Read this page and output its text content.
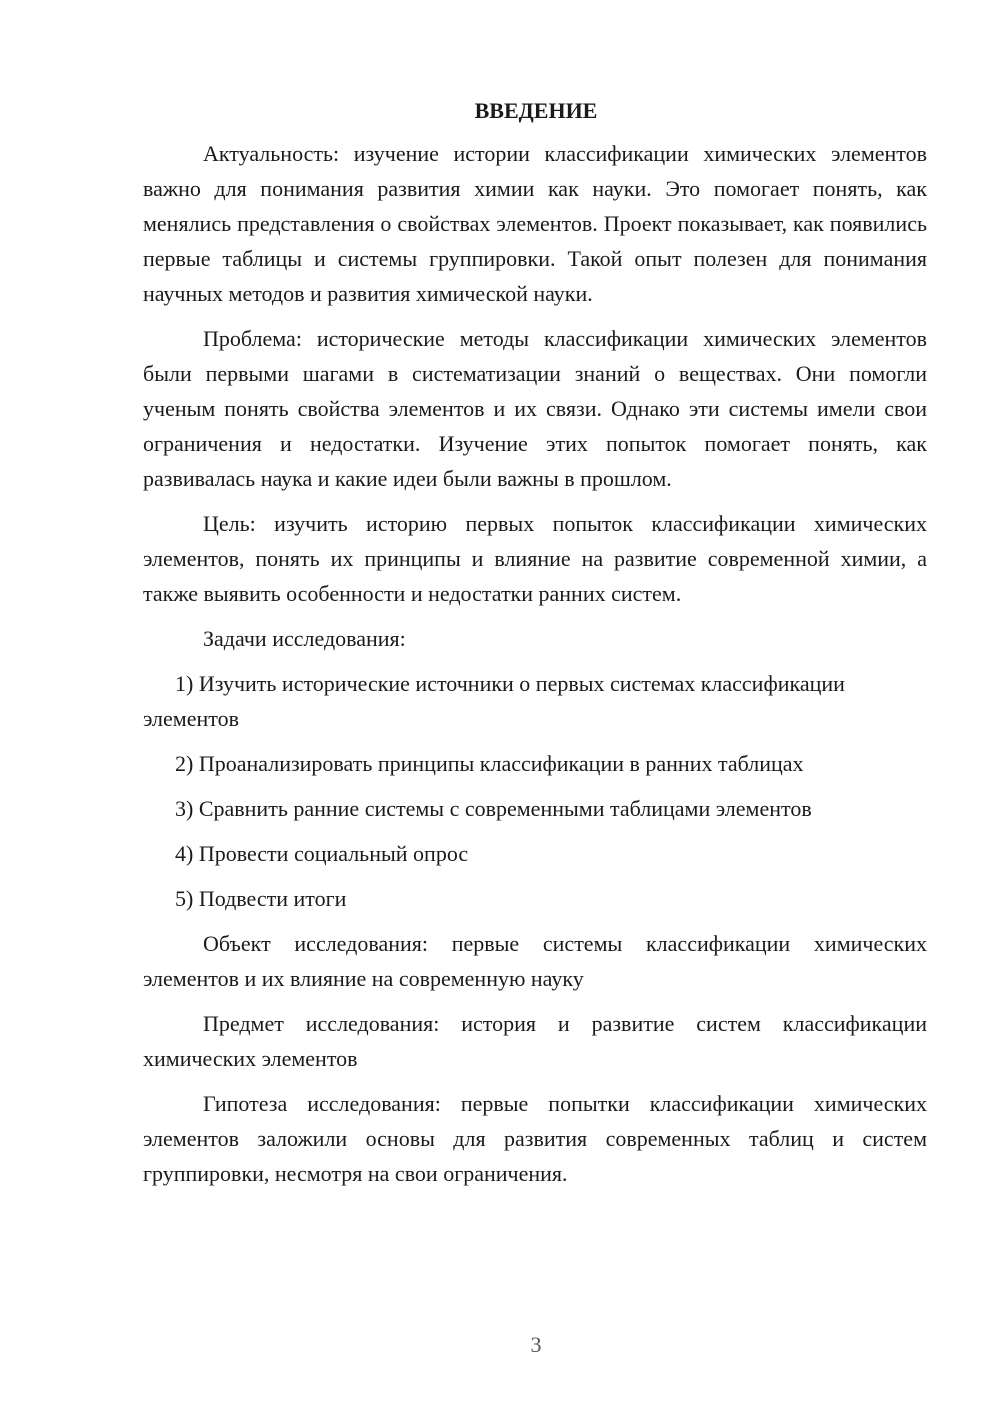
ВВЕДЕНИЕ

Актуальность: изучение истории классификации химических элементов важно для понимания развития химии как науки. Это помогает понять, как менялись представления о свойствах элементов. Проект показывает, как появились первые таблицы и системы группировки. Такой опыт полезен для понимания научных методов и развития химической науки.

Проблема: исторические методы классификации химических элементов были первыми шагами в систематизации знаний о веществах. Они помогли ученым понять свойства элементов и их связи. Однако эти системы имели свои ограничения и недостатки. Изучение этих попыток помогает понять, как развивалась наука и какие идеи были важны в прошлом.

Цель: изучить историю первых попыток классификации химических элементов, понять их принципы и влияние на развитие современной химии, а также выявить особенности и недостатки ранних систем.

Задачи исследования:

1) Изучить исторические источники о первых системах классификации элементов

2) Проанализировать принципы классификации в ранних таблицах

3) Сравнить ранние системы с современными таблицами элементов

4) Провести социальный опрос

5) Подвести итоги

Объект исследования: первые системы классификации химических элементов и их влияние на современную науку

Предмет исследования: история и развитие систем классификации химических элементов

Гипотеза исследования: первые попытки классификации химических элементов заложили основы для развития современных таблиц и систем группировки, несмотря на свои ограничения.

3
